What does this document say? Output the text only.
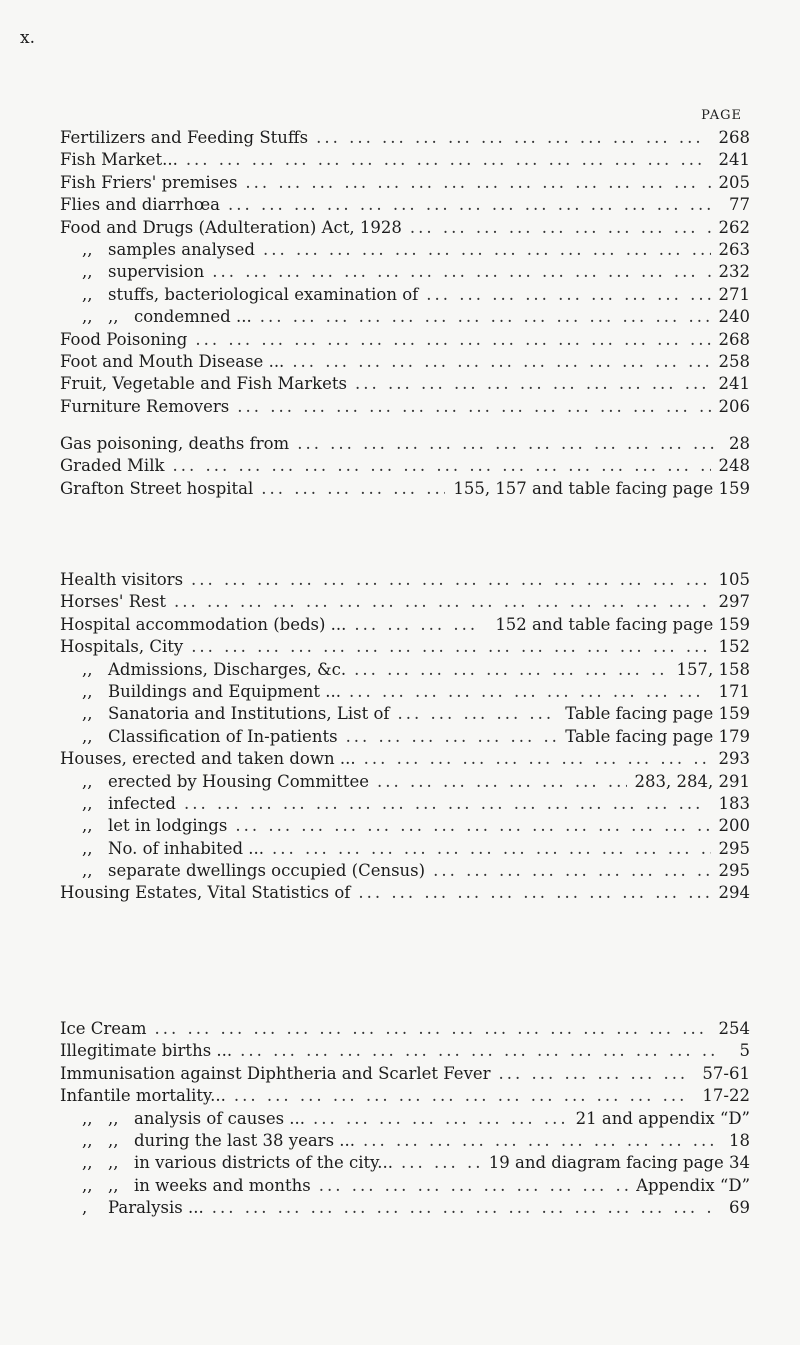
x.
PAGE
Fertilizers and Feeding Stuffs ... .	268
Fish Market... ... .	241
Fish Friers' premises ... .	205
Flies and diarrhœa ... .	77
Food and Drugs (Adulteration) Act, 1928 ... .	262
,, samples analysed ... .	263
,, supervision ... .	232
,, stuffs, bacteriological examination of ... .	271
,, ,, condemned ... ... .	240
Food Poisoning ... .	268
Foot and Mouth Disease ... ... .	258
Fruit, Vegetable and Fish Markets ... .	241
Furniture Removers ... .	206
Gas poisoning, deaths from ... .	28
Graded Milk ... .	248
Grafton Street hospital ... .	155, 157 and table facing page 159
Health visitors ... .	105
Horses' Rest ... .	297
Hospital accommodation (beds) ... ... .	152 and table facing page 159
Hospitals, City ... .	152
,, Admissions, Discharges, &c. ... .	157, 158
,, Buildings and Equipment ... ... .	171
,, Sanatoria and Institutions, List of ... .	Table facing page 159
,, Classification of In-patients ... .	Table facing page 179
Houses, erected and taken down ... ... .	293
,, erected by Housing Committee ... .	283, 284, 291
,, infected ... .	183
,, let in lodgings ... .	200
,, No. of inhabited ... ... .	295
,, separate dwellings occupied (Census) ... .	295
Housing Estates, Vital Statistics of ... .	294
Ice Cream ... .	254
Illegitimate births ... ... .	5
Immunisation against Diphtheria and Scarlet Fever ... .	57-61
Infantile mortality... ... .	17-22
,, ,, analysis of causes ... ... .	21 and appendix “D”
,, ,, during the last 38 years ... ... .	18
,, ,, in various districts of the city... ... .	19 and diagram facing page 34
,, ,, in weeks and months ... .	Appendix “D”
, Paralysis ... ... .	69
